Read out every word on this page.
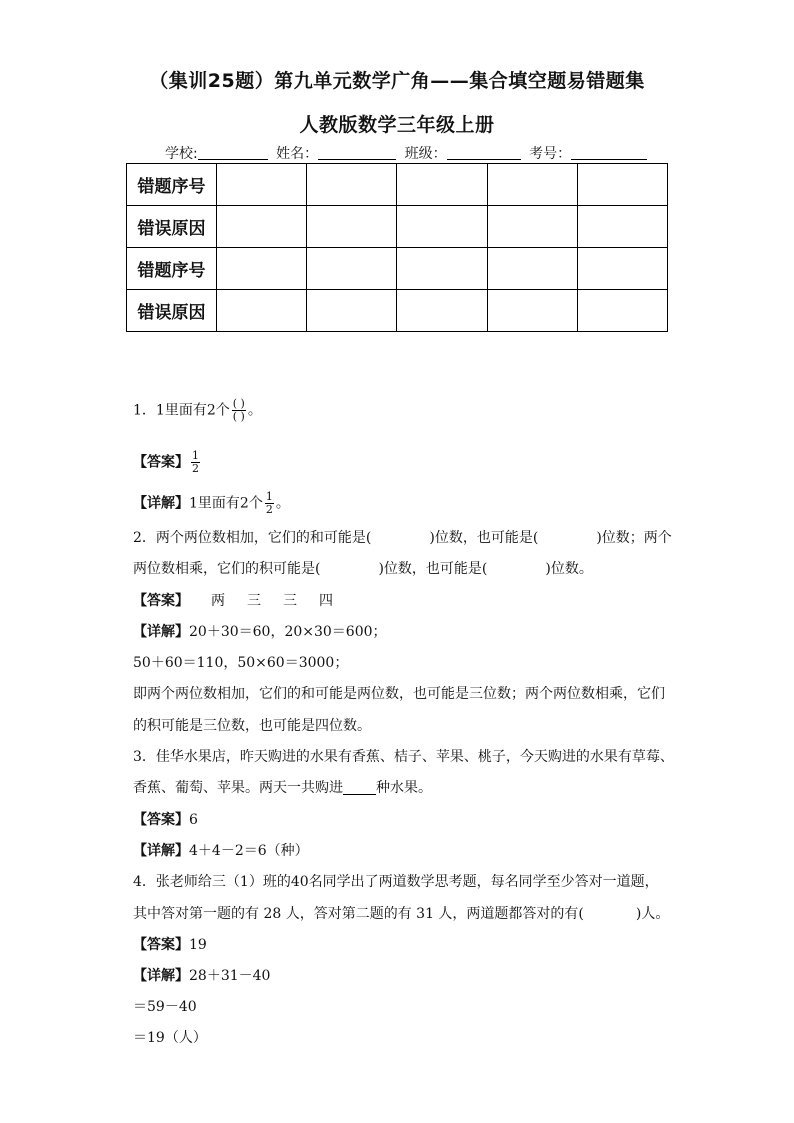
（集训25题）第九单元数学广角——集合填空题易错题集
人教版数学三年级上册
学校:	姓名：	班级：	考号：
错题序号					
错误原因					
错题序号					
错误原因					
1．1里面有2个 $\frac{( )}{( )}$ 。
【答案】 $\frac{1}{2}$
【详解】1里面有2个 $\frac{1}{2}$ 。
2．两个两位数相加，它们的和可能是(	)位数，也可能是(	)位数；两个
两位数相乘，它们的积可能是(	)位数，也可能是(	)位数。
【答案】 两 三 三 四
【详解】20＋30＝60，20×30＝600；
50＋60＝110，50×60＝3000；
即两个两位数相加，它们的和可能是两位数，也可能是三位数；两个两位数相乘，它们
的积可能是三位数，也可能是四位数。
3．佳华水果店，昨天购进的水果有香蕉、桔子、苹果、桃子，今天购进的水果有草莓、
香蕉、葡萄、苹果。两天一共购进 种水果。
【答案】6
【详解】4＋4－2＝6（种）
4．张老师给三（1）班的40名同学出了两道数学思考题，每名同学至少答对一道题，
其中答对第一题的有 28 人，答对第二题的有 31 人，两道题都答对的有(	)人。
【答案】19
【详解】28＋31－40
＝59－40
＝19（人）
